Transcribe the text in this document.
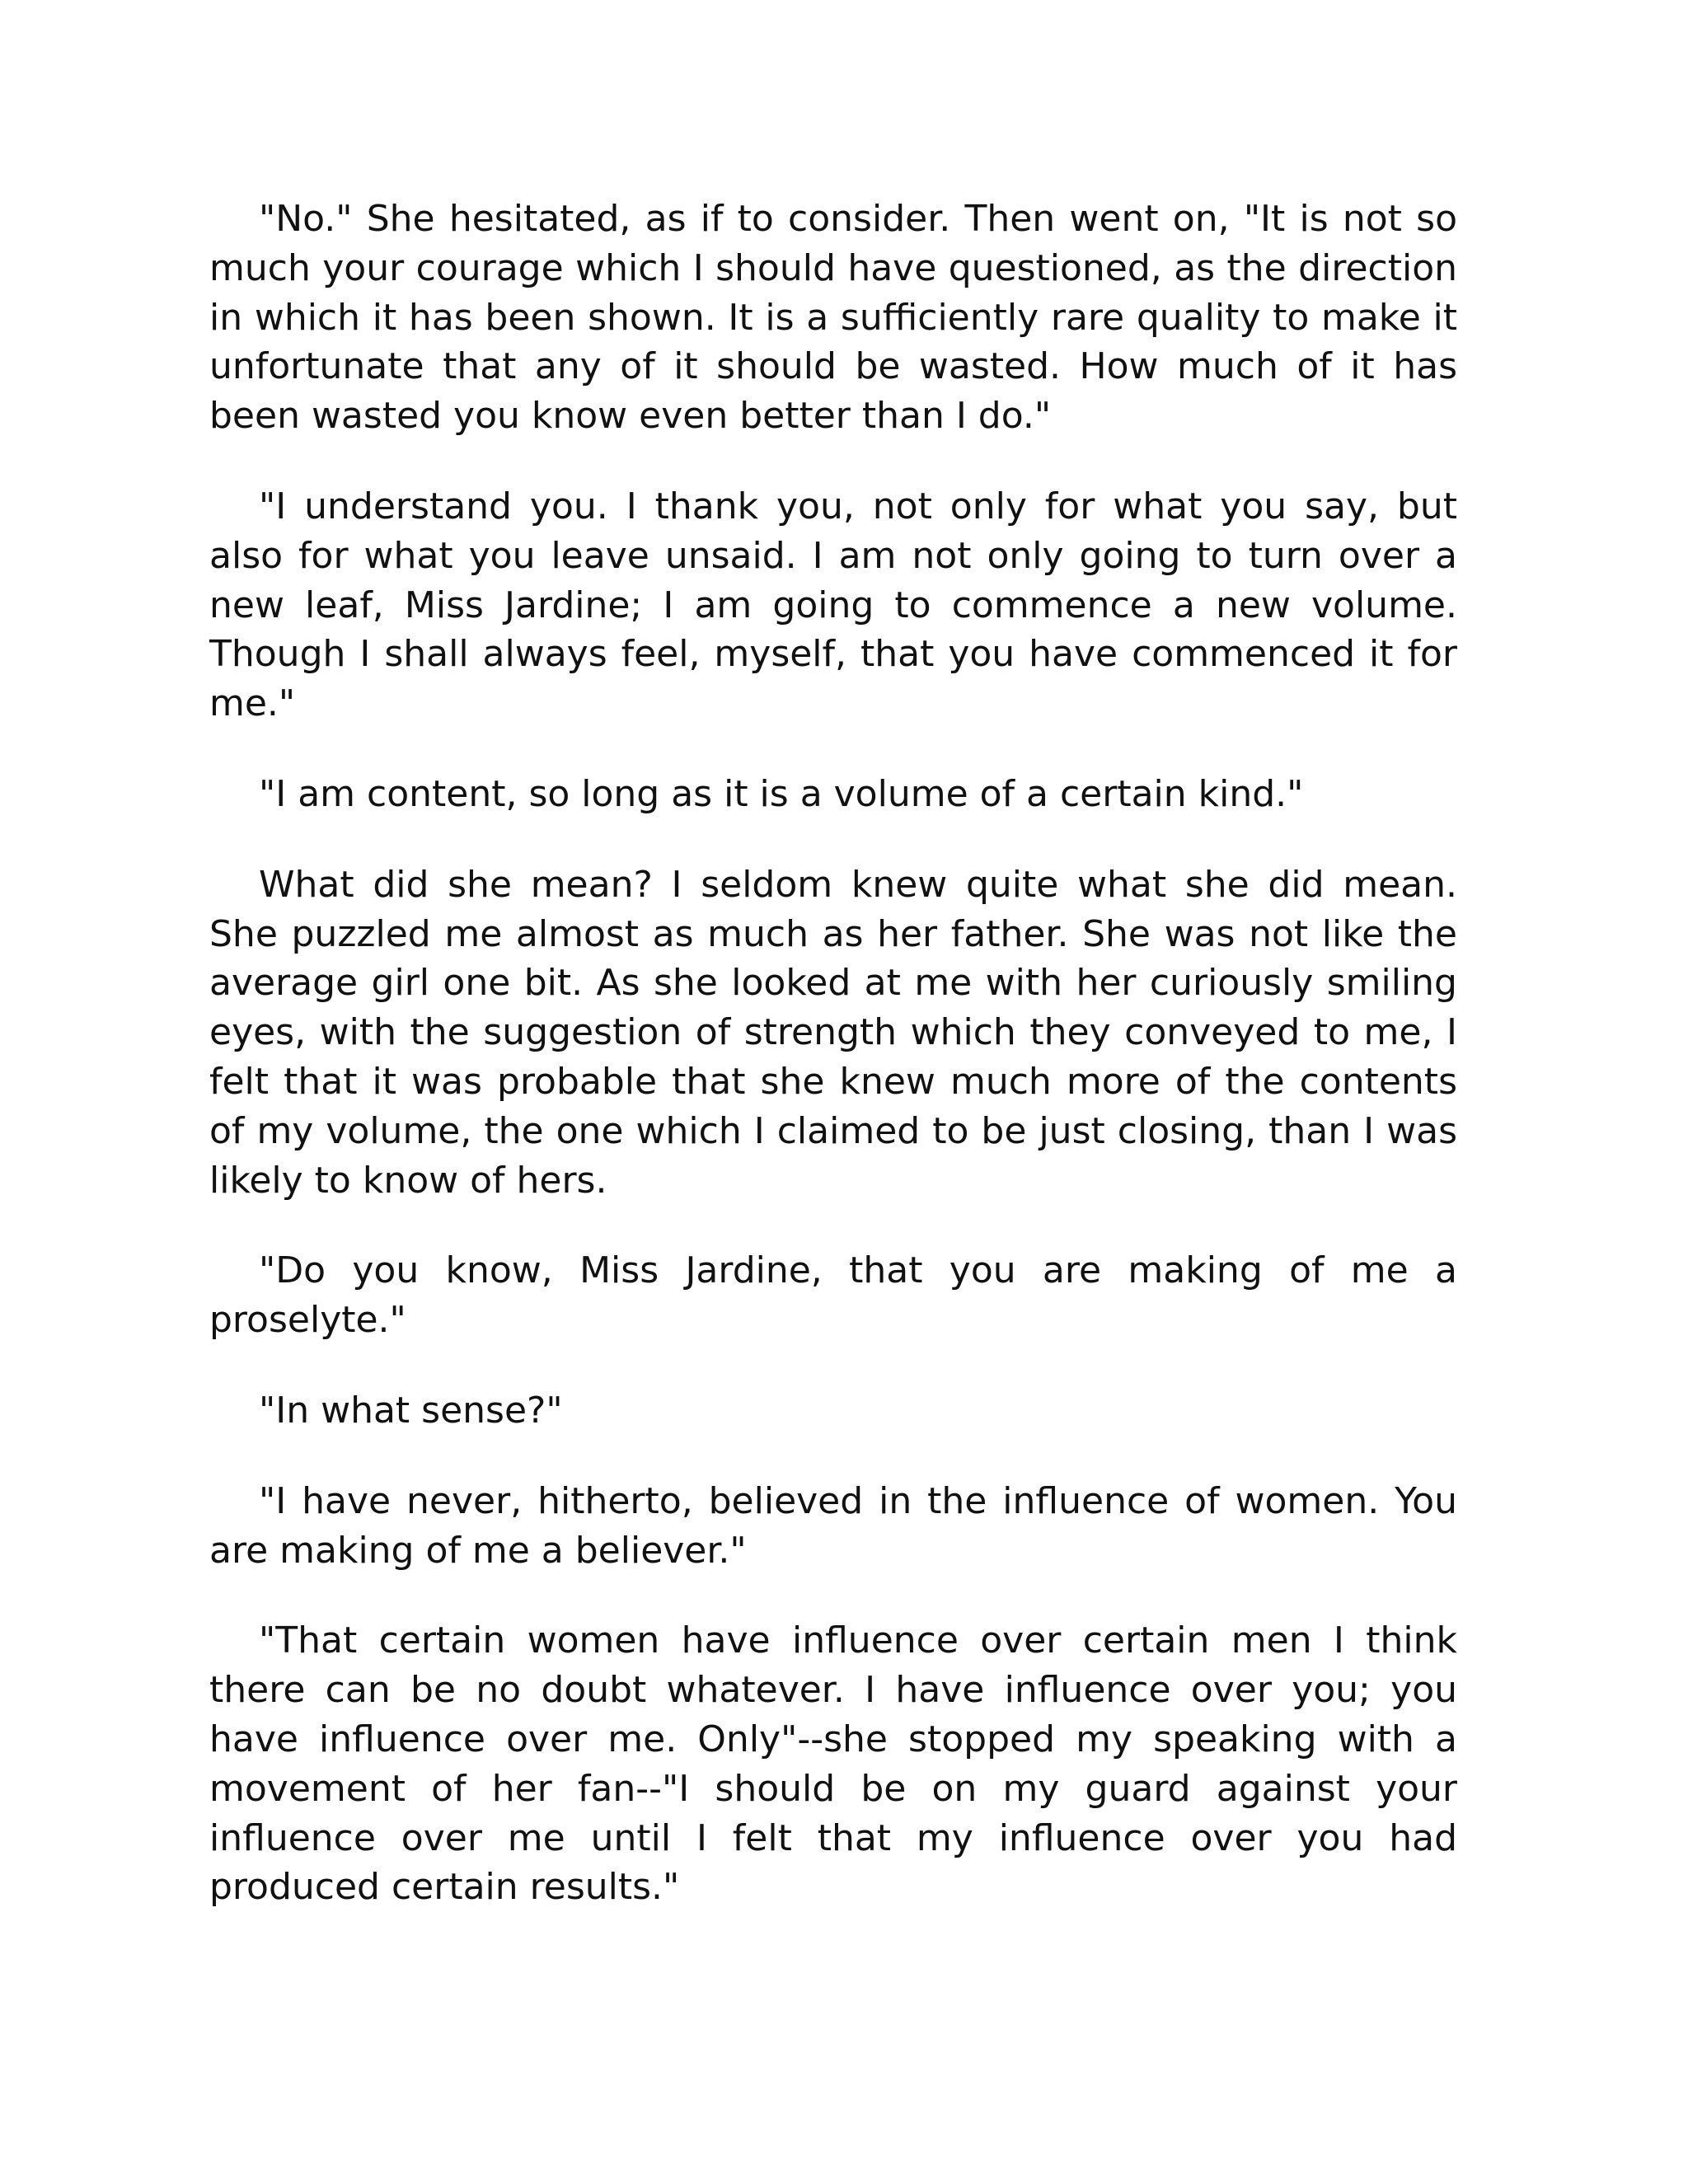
"No." She hesitated, as if to consider. Then went on, "It is not so much your courage which I should have questioned, as the direction in which it has been shown. It is a sufficiently rare quality to make it unfortunate that any of it should be wasted. How much of it has been wasted you know even better than I do."

"I understand you. I thank you, not only for what you say, but also for what you leave unsaid. I am not only going to turn over a new leaf, Miss Jardine; I am going to commence a new volume. Though I shall always feel, myself, that you have commenced it for me."

"I am content, so long as it is a volume of a certain kind."

What did she mean? I seldom knew quite what she did mean. She puzzled me almost as much as her father. She was not like the average girl one bit. As she looked at me with her curiously smiling eyes, with the suggestion of strength which they conveyed to me, I felt that it was probable that she knew much more of the contents of my volume, the one which I claimed to be just closing, than I was likely to know of hers.

"Do you know, Miss Jardine, that you are making of me a proselyte."

"In what sense?"

"I have never, hitherto, believed in the influence of women. You are making of me a believer."

"That certain women have influence over certain men I think there can be no doubt whatever. I have influence over you; you have influence over me. Only"--she stopped my speaking with a movement of her fan--"I should be on my guard against your influence over me until I felt that my influence over you had produced certain results."
